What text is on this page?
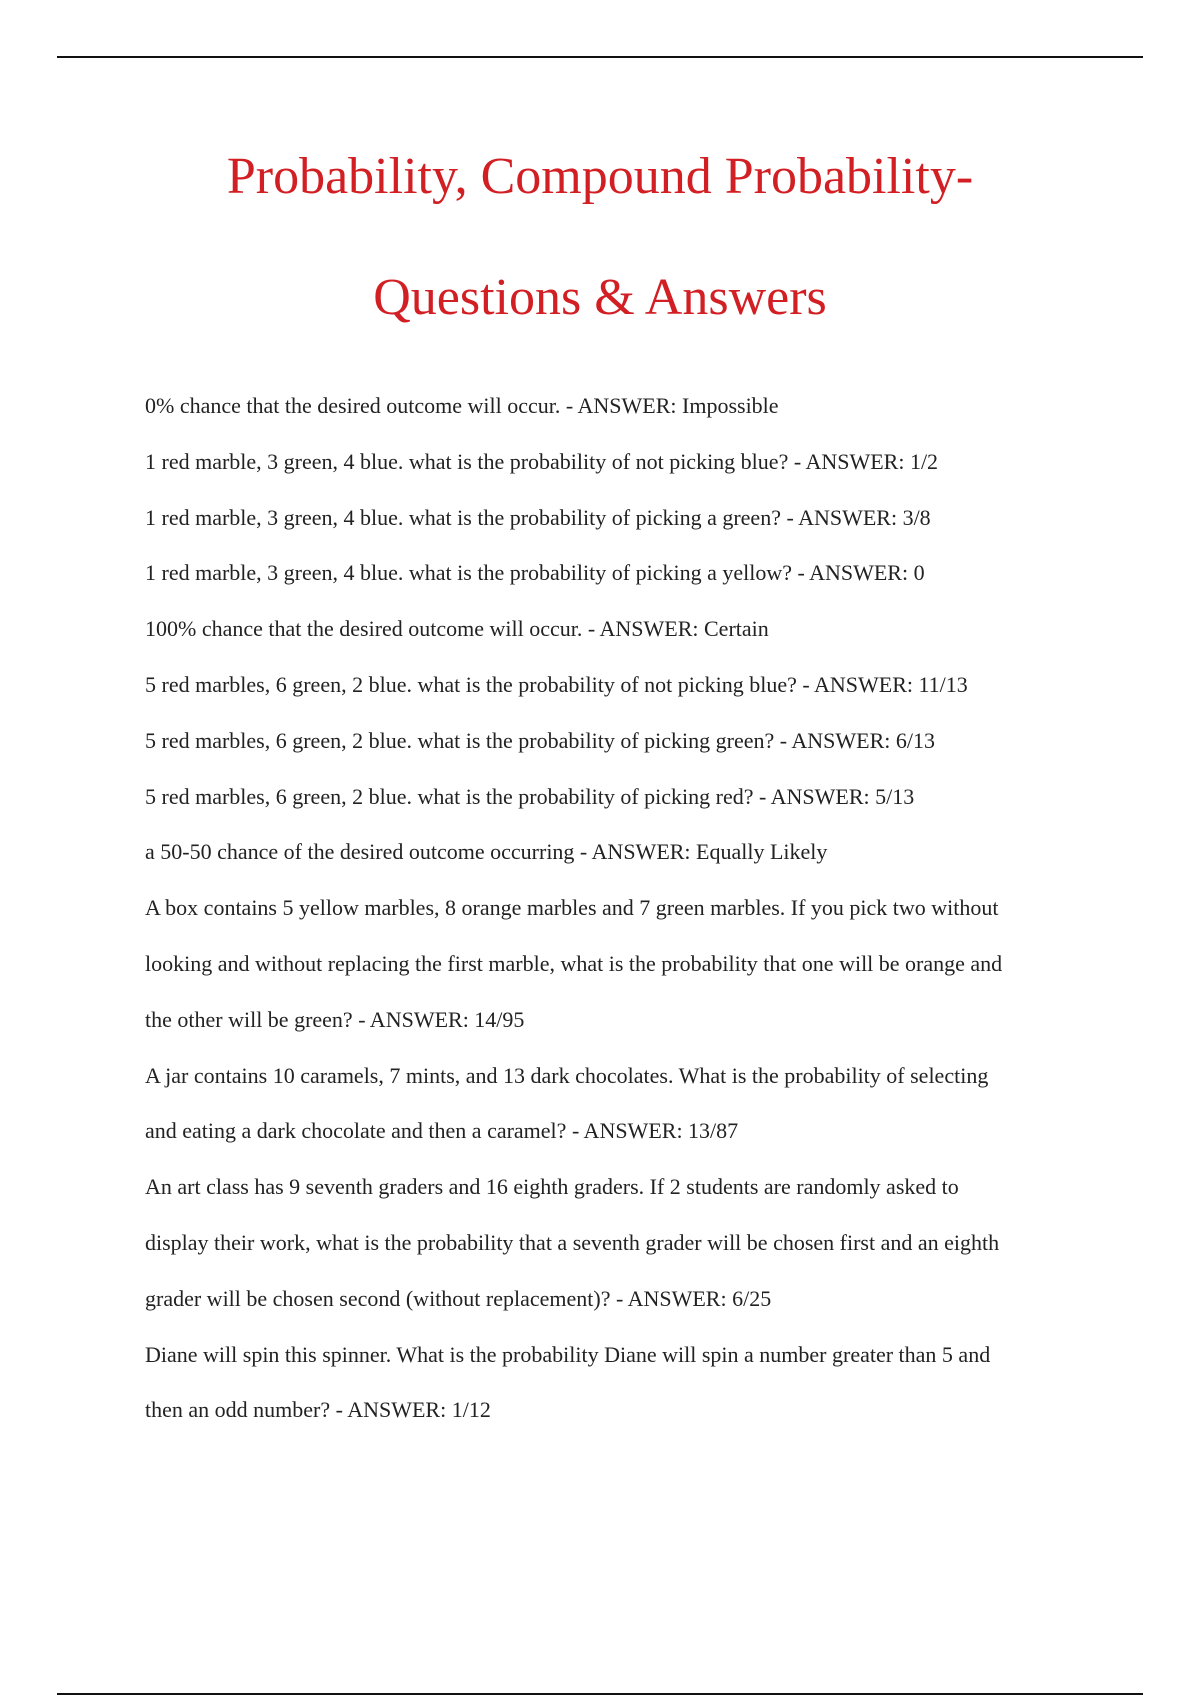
Probability, Compound Probability-
Questions & Answers
0% chance that the desired outcome will occur. - ANSWER: Impossible
1 red marble, 3 green, 4 blue. what is the probability of not picking blue? - ANSWER: 1/2
1 red marble, 3 green, 4 blue. what is the probability of picking a green? - ANSWER: 3/8
1 red marble, 3 green, 4 blue. what is the probability of picking a yellow? - ANSWER: 0
100% chance that the desired outcome will occur. - ANSWER: Certain
5 red marbles, 6 green, 2 blue. what is the probability of not picking blue? - ANSWER: 11/13
5 red marbles, 6 green, 2 blue. what is the probability of picking green? - ANSWER: 6/13
5 red marbles, 6 green, 2 blue. what is the probability of picking red? - ANSWER: 5/13
a 50-50 chance of the desired outcome occurring - ANSWER: Equally Likely
A box contains 5 yellow marbles, 8 orange marbles and 7 green marbles. If you pick two without
looking and without replacing the first marble, what is the probability that one will be orange and
the other will be green? - ANSWER: 14/95
A jar contains 10 caramels, 7 mints, and 13 dark chocolates. What is the probability of selecting
and eating a dark chocolate and then a caramel? - ANSWER: 13/87
An art class has 9 seventh graders and 16 eighth graders. If 2 students are randomly asked to
display their work, what is the probability that a seventh grader will be chosen first and an eighth
grader will be chosen second (without replacement)? - ANSWER: 6/25
Diane will spin this spinner. What is the probability Diane will spin a number greater than 5 and
then an odd number? - ANSWER: 1/12
